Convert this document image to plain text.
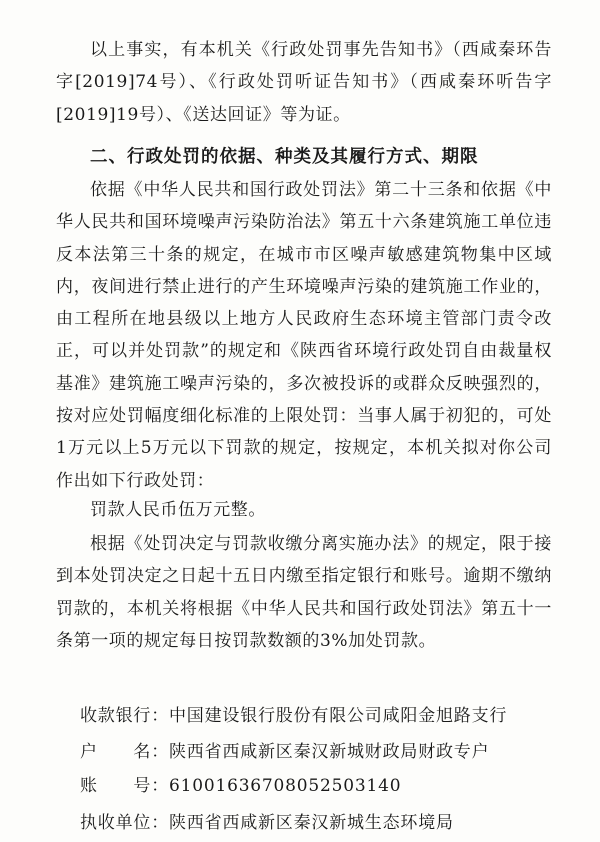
以上事实，有本机关《行政处罚事先告知书》（西咸秦环告字[2019]74号）、《行政处罚听证告知书》（西咸秦环听告字[2019]19号）、《送达回证》等为证。

二、行政处罚的依据、种类及其履行方式、期限

依据《中华人民共和国行政处罚法》第二十三条和依据《中华人民共和国环境噪声污染防治法》第五十六条建筑施工单位违反本法第三十条的规定，在城市市区噪声敏感建筑物集中区域内，夜间进行禁止进行的产生环境噪声污染的建筑施工作业的，由工程所在地县级以上地方人民政府生态环境主管部门责令改正，可以并处罚款”的规定和《陕西省环境行政处罚自由裁量权基准》建筑施工噪声污染的，多次被投诉的或群众反映强烈的，按对应处罚幅度细化标准的上限处罚：当事人属于初犯的，可处1万元以上5万元以下罚款的规定，按规定，本机关拟对你公司作出如下行政处罚：

罚款人民币伍万元整。

根据《处罚决定与罚款收缴分离实施办法》的规定，限于接到本处罚决定之日起十五日内缴至指定银行和账号。逾期不缴纳罚款的，本机关将根据《中华人民共和国行政处罚法》第五十一条第一项的规定每日按罚款数额的3%加处罚款。

收款银行：中国建设银行股份有限公司咸阳金旭路支行
户　　名：陕西省西咸新区秦汉新城财政局财政专户
账　　号：61001636708052503140
执收单位：陕西省西咸新区秦汉新城生态环境局
